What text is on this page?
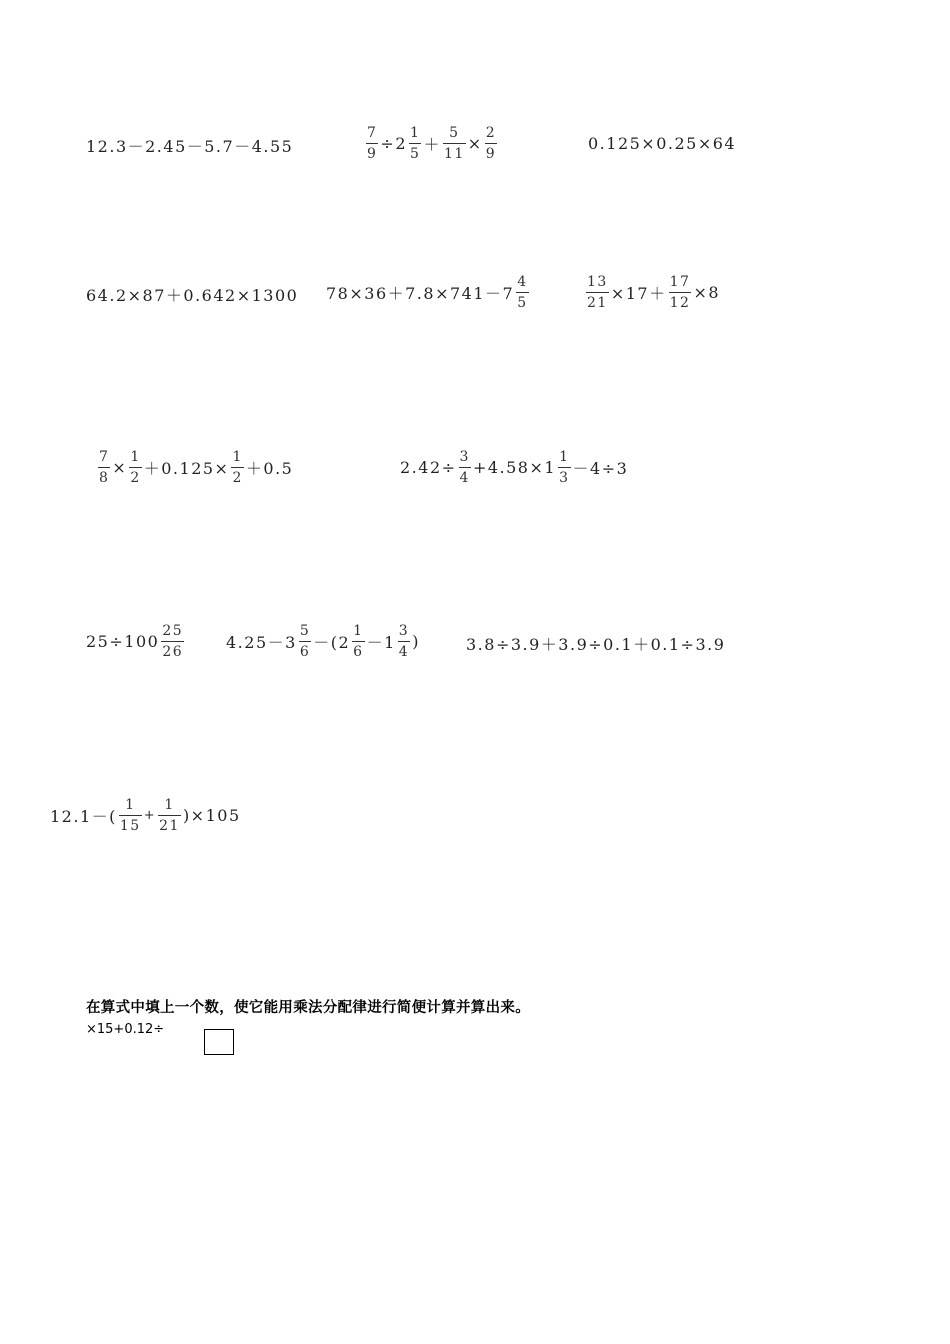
12.3－2.45－5.7－4.55	$\frac{7}{9} \div 2 \frac{1}{5} + \frac{5}{11} \times \frac{2}{9}$	0.125×0.25×64
64.2×87＋0.642×1300 $78\times 36+7.8\times 741-7 \frac{4}{5}$	$\frac{13}{21} \times 17+ \frac{17}{12} \times 8$
$\frac{7}{8} \times \frac{1}{2} +0.125\times \frac{1}{2} +0.5$	$2.42\div \frac{3}{4} +4.58\times 1 \frac{1}{3} -4\div 3$
$25\div 100 \frac{25}{26}$	$4.25-3 \frac{5}{6} -(2 \frac{1}{6} -1 \frac{3}{4}$ )	3.8÷3.9＋3.9÷0.1＋0.1÷3.9
$12.1-( \frac{1}{15} + \frac{1}{21} )\times 105$
在算式中填上一个数，使它能用乘法分配律进行简便计算并算出来。
×15+0.12÷
